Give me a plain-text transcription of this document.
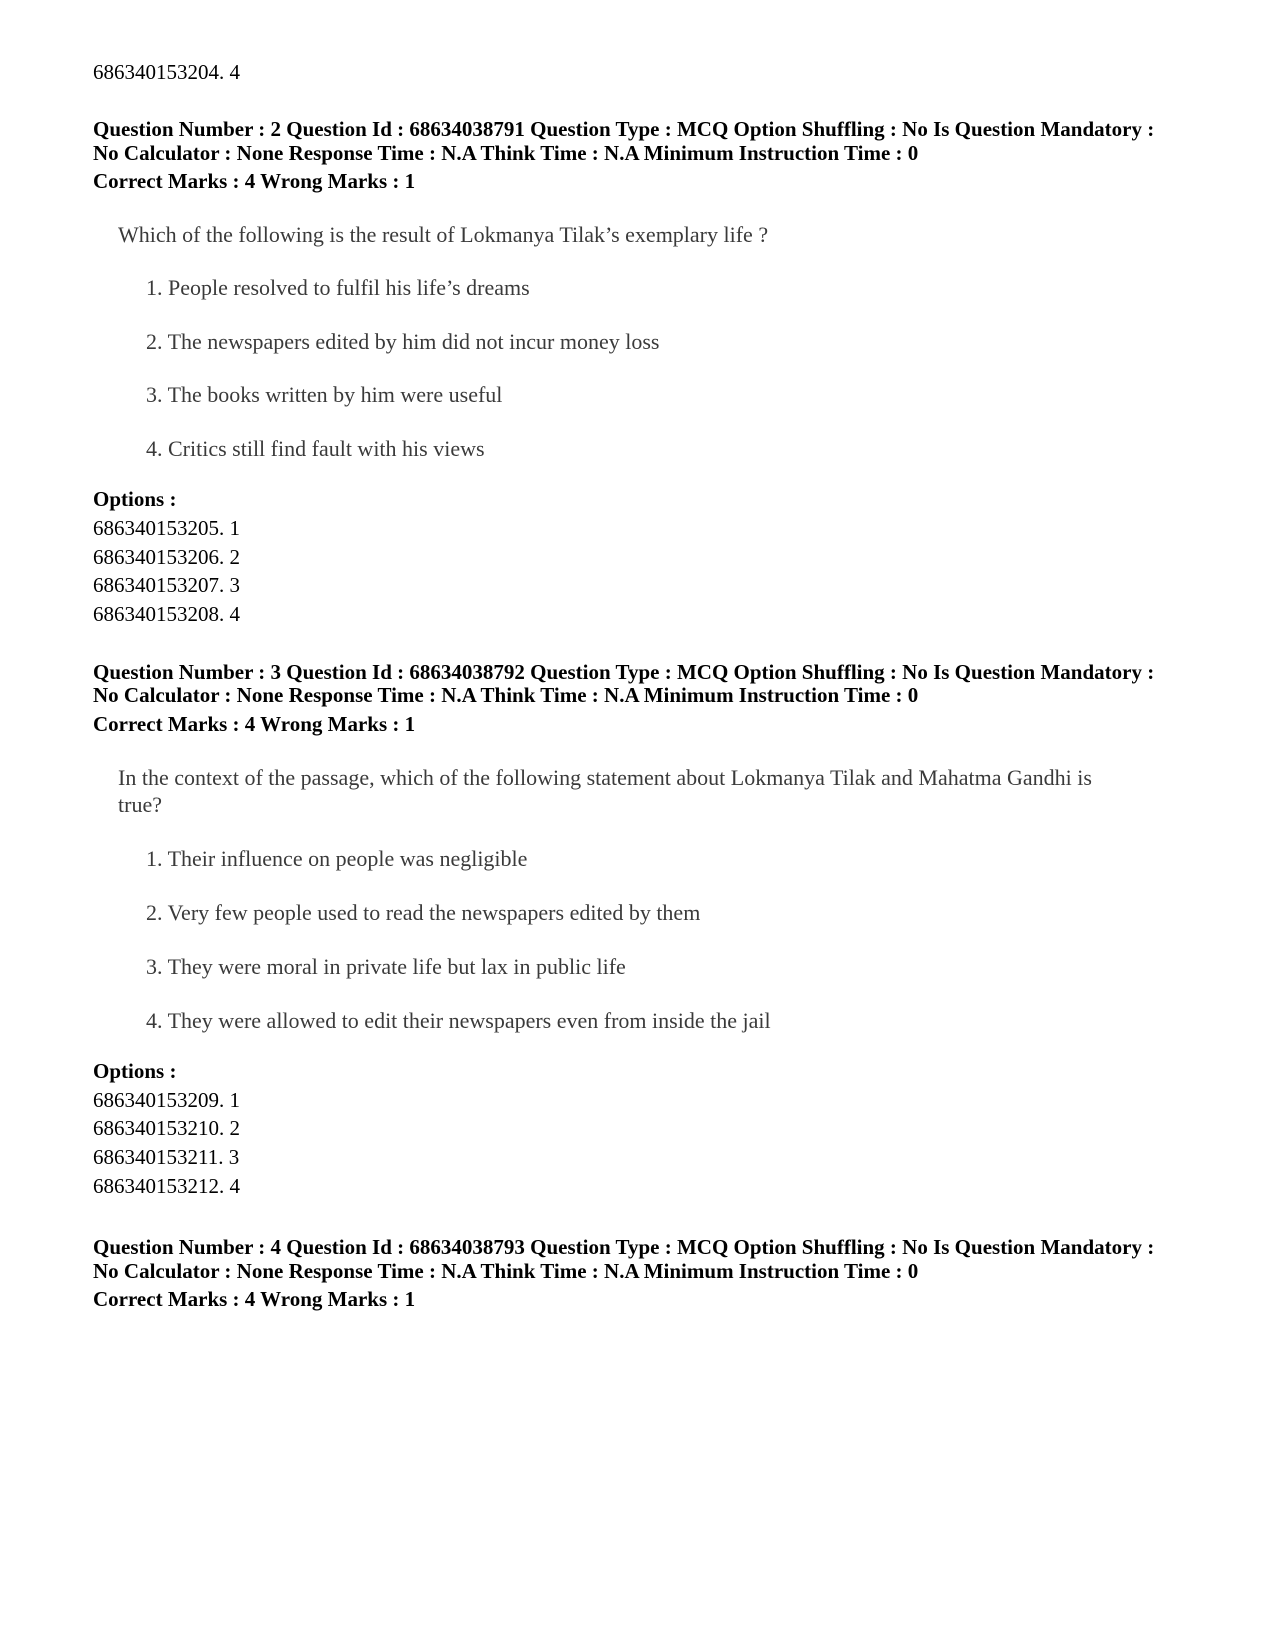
686340153204. 4
Question Number : 2 Question Id : 68634038791 Question Type : MCQ Option Shuffling : No Is Question Mandatory :
No Calculator : None Response Time : N.A Think Time : N.A Minimum Instruction Time : 0
Correct Marks : 4 Wrong Marks : 1
Which of the following is the result of Lokmanya Tilak’s exemplary life ?
1. People resolved to fulfil his life’s dreams
2. The newspapers edited by him did not incur money loss
3. The books written by him were useful
4. Critics still find fault with his views
Options :
686340153205. 1
686340153206. 2
686340153207. 3
686340153208. 4
Question Number : 3 Question Id : 68634038792 Question Type : MCQ Option Shuffling : No Is Question Mandatory :
No Calculator : None Response Time : N.A Think Time : N.A Minimum Instruction Time : 0
Correct Marks : 4 Wrong Marks : 1
In the context of the passage, which of the following statement about Lokmanya Tilak and Mahatma Gandhi is
true?
1. Their influence on people was negligible
2. Very few people used to read the newspapers edited by them
3. They were moral in private life but lax in public life
4. They were allowed to edit their newspapers even from inside the jail
Options :
686340153209. 1
686340153210. 2
686340153211. 3
686340153212. 4
Question Number : 4 Question Id : 68634038793 Question Type : MCQ Option Shuffling : No Is Question Mandatory :
No Calculator : None Response Time : N.A Think Time : N.A Minimum Instruction Time : 0
Correct Marks : 4 Wrong Marks : 1
